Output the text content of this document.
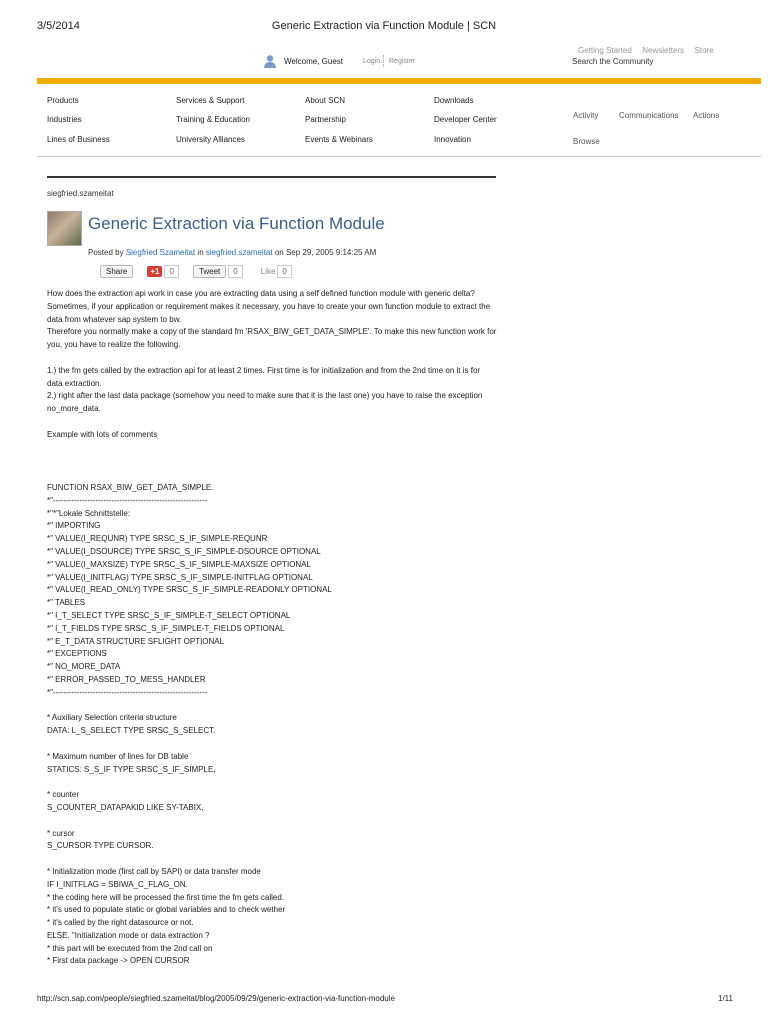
3/5/2014	Generic Extraction via Function Module | SCN
Getting Started Newsletters Store
Welcome, Guest	Login Register	Search the Community
Products
Industries
Lines of Business
Services & Support
Training & Education
University Alliances
About SCN
Partnership
Events & Webinars
Downloads
Developer Center
Innovation
Activity	Communications Actions
Browse
siegfried.szameitat
Generic Extraction via Function Module
Posted by Siegfried Szameitat in siegfried.szameitat on Sep 29, 2005 9:14:25 AM
Share	+1	0	Tweet	0	Like 0

How does the extraction api work in case you are extracting data using a self defined function module with generic delta?

Sometimes, if your application or requirement makes it necessary, you have to create your own function module to extract the data from whatever sap system to bw.

Therefore you normally make a copy of the standard fm 'RSAX_BIW_GET_DATA_SIMPLE'. To make this new function work for you, you have to realize the following.

1.) the fm gets called by the extraction api for at least 2 times. First time is for initialization and from the 2nd time on it is for data extraction.

2.) right after the last data package (somehow you need to make sure that it is the last one) you have to raise the exception no_more_data.

Example with lots of comments

FUNCTION RSAX_BIW_GET_DATA_SIMPLE.
*"----------------------------------------------------------
*"*"Lokale Schnittstelle:
*" IMPORTING
*" VALUE(I_REQUNR) TYPE SRSC_S_IF_SIMPLE-REQUNR
*" VALUE(I_DSOURCE) TYPE SRSC_S_IF_SIMPLE-DSOURCE OPTIONAL
*" VALUE(I_MAXSIZE) TYPE SRSC_S_IF_SIMPLE-MAXSIZE OPTIONAL
*" VALUE(I_INITFLAG) TYPE SRSC_S_IF_SIMPLE-INITFLAG OPTIONAL
*" VALUE(I_READ_ONLY) TYPE SRSC_S_IF_SIMPLE-READONLY OPTIONAL
*" TABLES
*" I_T_SELECT TYPE SRSC_S_IF_SIMPLE-T_SELECT OPTIONAL
*" I_T_FIELDS TYPE SRSC_S_IF_SIMPLE-T_FIELDS OPTIONAL
*" E_T_DATA STRUCTURE SFLIGHT OPTIONAL
*" EXCEPTIONS
*" NO_MORE_DATA
*" ERROR_PASSED_TO_MESS_HANDLER
*"----------------------------------------------------------
* Auxiliary Selection criteria structure
DATA: L_S_SELECT TYPE SRSC_S_SELECT.
* Maximum number of lines for DB table
STATICS: S_S_IF TYPE SRSC_S_IF_SIMPLE,
* counter
S_COUNTER_DATAPAKID LIKE SY-TABIX,
* cursor
S_CURSOR TYPE CURSOR.
* Initialization mode (first call by SAPI) or data transfer mode
IF I_INITFLAG = SBIWA_C_FLAG_ON.
* the coding here will be processed the first time the fm gets called.
* it's used to populate static or global variables and to check wether
* it's called by the right datasource or not.
ELSE. "Initialization mode or data extraction ?
* this part will be executed from the 2nd call on
* First data package -> OPEN CURSOR
http://scn.sap.com/people/siegfried.szameitat/blog/2005/09/29/generic-extraction-via-function-module	1/11
